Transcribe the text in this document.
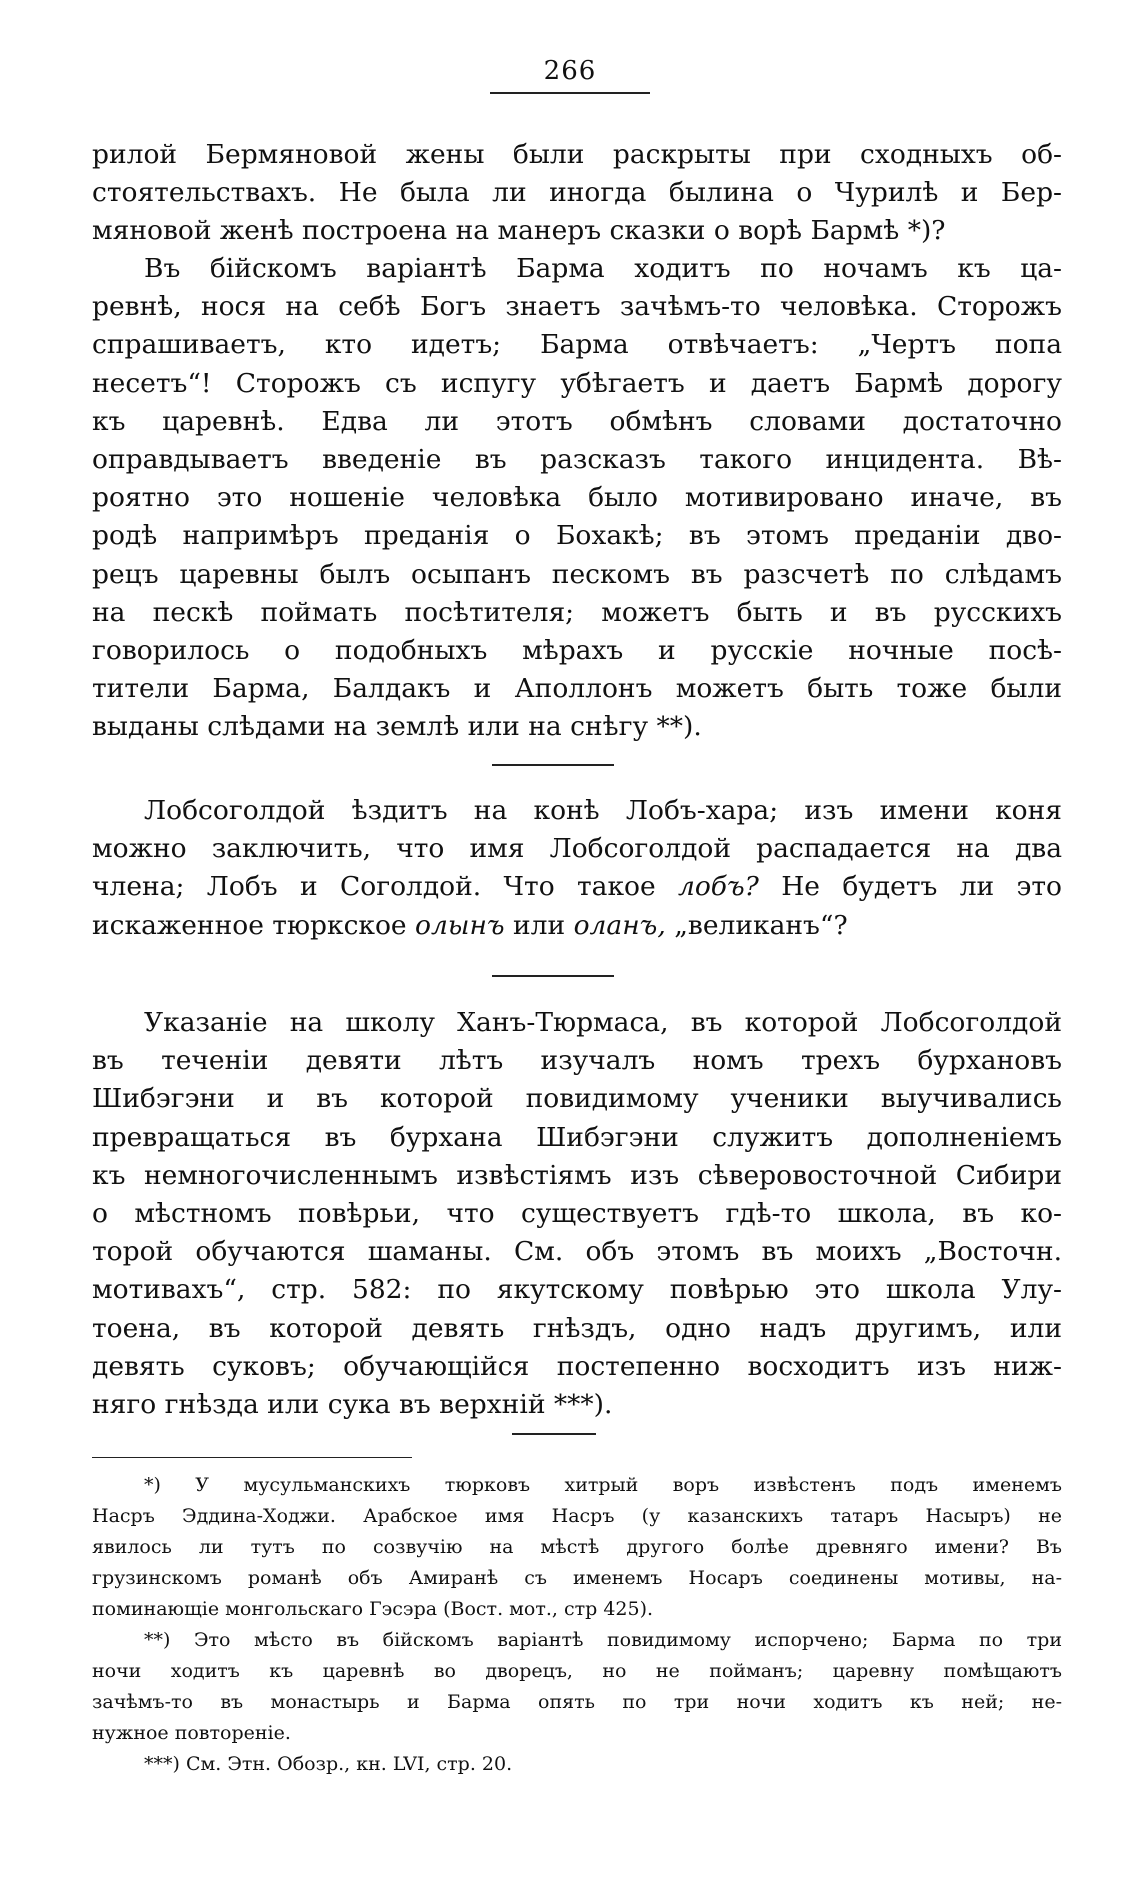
266
рилой Бермяновой жены были раскрыты при сходныхъ об-
стоятельствахъ. Не была ли иногда былина о Чурилѣ и Бер-
мяновой женѣ построена на манеръ сказки о ворѣ Бармѣ *)?
Въ бійскомъ варіантѣ Барма ходитъ по ночамъ къ ца-
ревнѣ, нося на себѣ Богъ знаетъ зачѣмъ-то человѣка. Сторожъ
спрашиваетъ, кто идетъ; Барма отвѣчаетъ: „Чертъ попа
несетъ“! Сторожъ съ испугу убѣгаетъ и даетъ Бармѣ дорогу
къ царевнѣ. Едва ли этотъ обмѣнъ словами достаточно
оправдываетъ введеніе въ разсказъ такого инцидента. Вѣ-
роятно это ношеніе человѣка было мотивировано иначе, въ
родѣ напримѣръ преданія о Бохакѣ; въ этомъ преданіи дво-
рецъ царевны былъ осыпанъ пескомъ въ разсчетѣ по слѣдамъ
на пескѣ поймать посѣтителя; можетъ быть и въ русскихъ
говорилось о подобныхъ мѣрахъ и русскіе ночные посѣ-
тители Барма, Балдакъ и Аполлонъ можетъ быть тоже были
выданы слѣдами на землѣ или на снѣгу **).
Лобсоголдой ѣздитъ на конѣ Лобъ-хара; изъ имени коня
можно заключить, что имя Лобсоголдой распадается на два
члена; Лобъ и Соголдой. Что такое лобъ? Не будетъ ли это
искаженное тюркское олынъ или оланъ, „великанъ“?
Указаніе на школу Ханъ-Тюрмаса, въ которой Лобсоголдой
въ теченіи девяти лѣтъ изучалъ номъ трехъ бурхановъ
Шибэгэни и въ которой повидимому ученики выучивались
превращаться въ бурхана Шибэгэни служитъ дополненіемъ
къ немногочисленнымъ извѣстіямъ изъ сѣверовосточной Сибири
о мѣстномъ повѣрьи, что существуетъ гдѣ-то школа, въ ко-
торой обучаются шаманы. См. объ этомъ въ моихъ „Восточн.
мотивахъ“, стр. 582: по якутскому повѣрью это школа Улу-
тоена, въ которой девять гнѣздъ, одно надъ другимъ, или
девять суковъ; обучающійся постепенно восходитъ изъ ниж-
няго гнѣзда или сука въ верхній ***).
*) У мусульманскихъ тюрковъ хитрый воръ извѣстенъ подъ именемъ
Насръ Эддина-Ходжи. Арабское имя Насръ (у казанскихъ татаръ Насыръ) не
явилось ли тутъ по созвучію на мѣстѣ другого болѣе древняго имени? Въ
грузинскомъ романѣ объ Амиранѣ съ именемъ Носаръ соединены мотивы, на-
поминающіе монгольскаго Гэсэра (Вост. мот., стр 425).
**) Это мѣсто въ бійскомъ варіантѣ повидимому испорчено; Барма по три
ночи ходитъ къ царевнѣ во дворецъ, но не пойманъ; царевну помѣщаютъ
зачѣмъ-то въ монастырь и Барма опять по три ночи ходитъ къ ней; не-
нужное повтореніе.
***) См. Этн. Обозр., кн. LVI, стр. 20.
